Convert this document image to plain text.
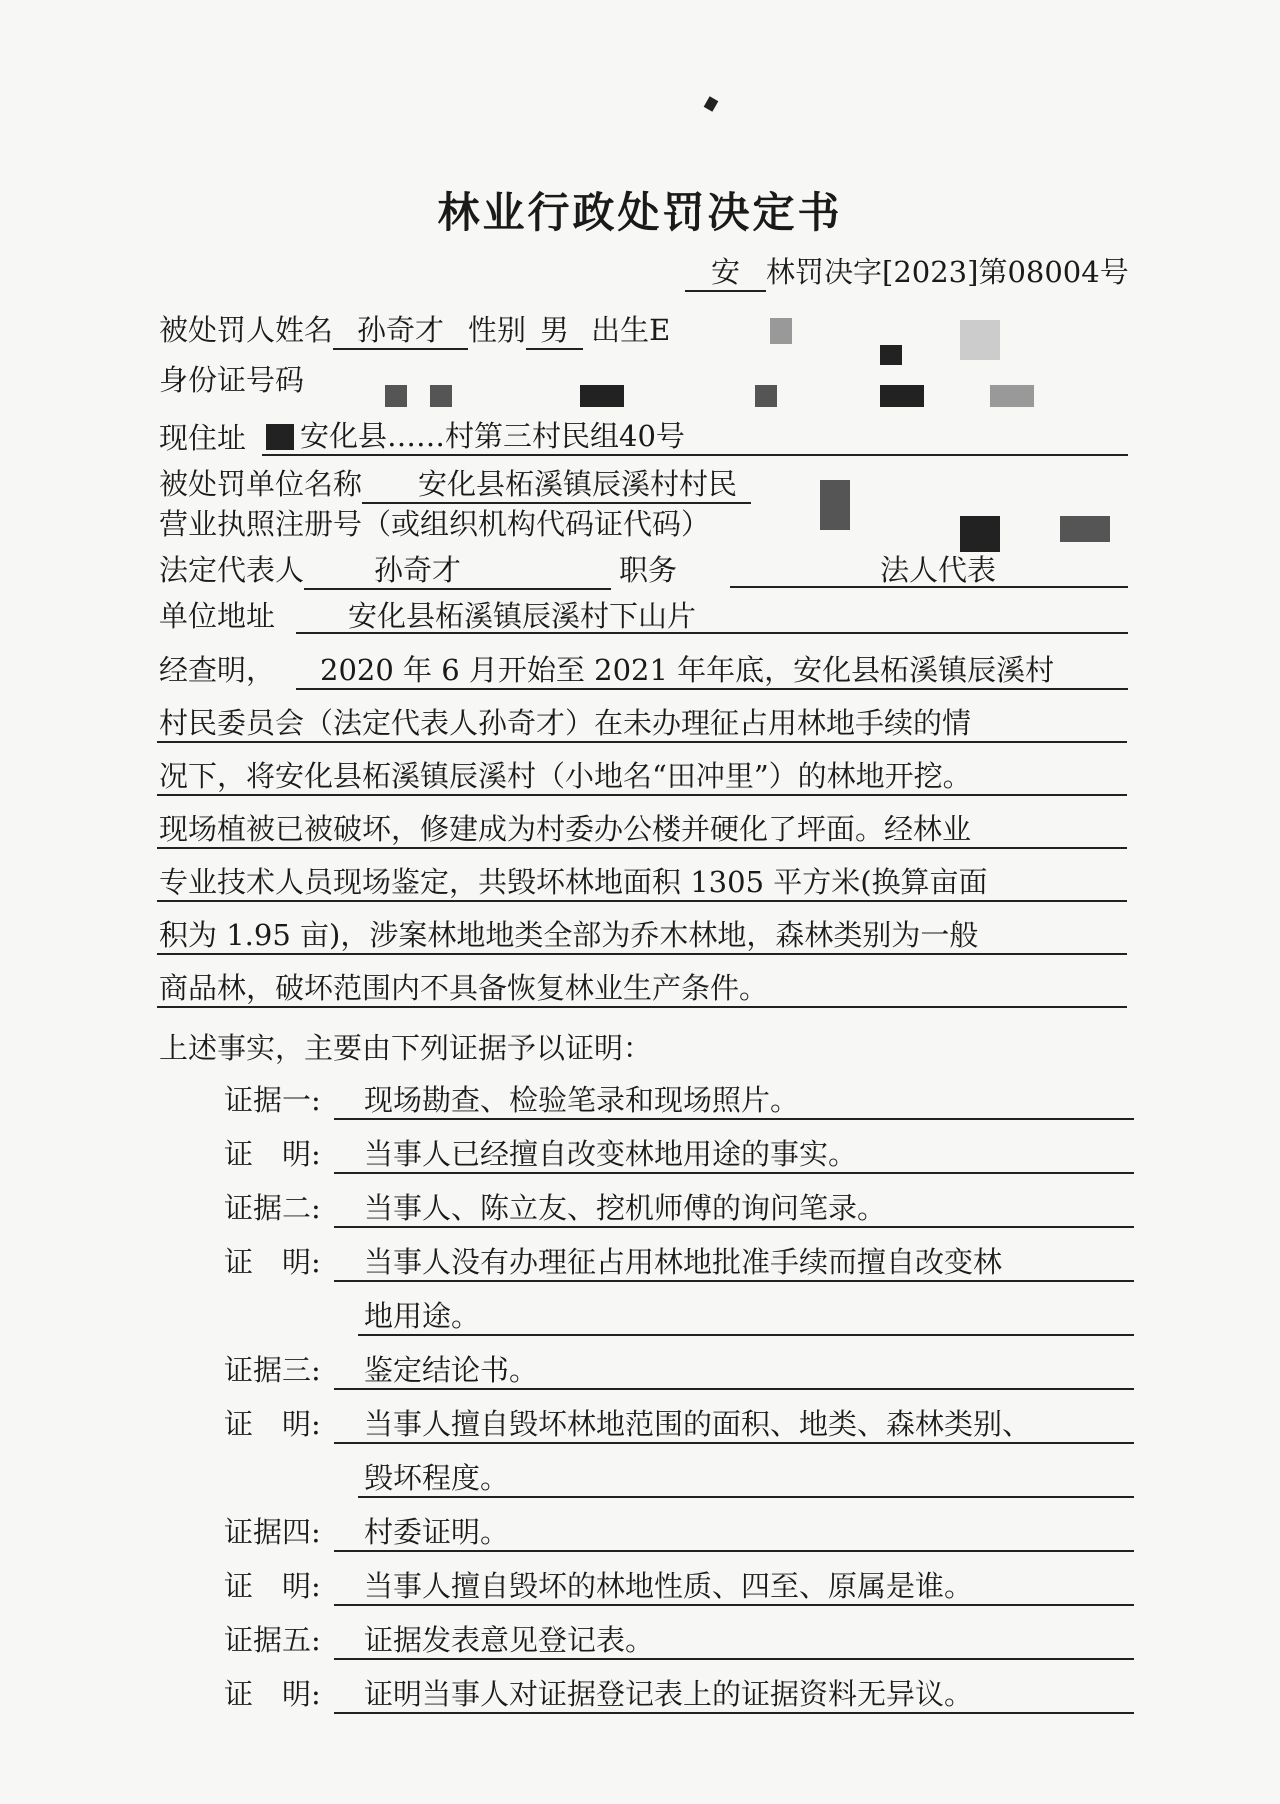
林业行政处罚决定书
安 林罚决字[2023]第08004号
被处罚人姓名 孙奇才 性别 男 出生E
身份证号码
现住址 安化县……村第三村民组40号
被处罚单位名称 安化县柘溪镇辰溪村村民
营业执照注册号（或组织机构代码证代码）
法定代表人 孙奇才	职务	法人代表
单位地址	安化县柘溪镇辰溪村下山片
经查明， 2020 年 6 月开始至 2021 年年底，安化县柘溪镇辰溪村
村民委员会（法定代表人孙奇才）在未办理征占用林地手续的情
况下，将安化县柘溪镇辰溪村（小地名“田冲里”）的林地开挖。
现场植被已被破坏，修建成为村委办公楼并硬化了坪面。经林业
专业技术人员现场鉴定，共毁坏林地面积 1305 平方米(换算亩面
积为 1.95 亩)，涉案林地地类全部为乔木林地，森林类别为一般
商品林，破坏范围内不具备恢复林业生产条件。
上述事实，主要由下列证据予以证明：
证据一: 现场勘查、检验笔录和现场照片。
证　明: 当事人已经擅自改变林地用途的事实。
证据二: 当事人、陈立友、挖机师傅的询问笔录。
证　明: 当事人没有办理征占用林地批准手续而擅自改变林
地用途。
证据三: 鉴定结论书。
证　明: 当事人擅自毁坏林地范围的面积、地类、森林类别、
毁坏程度。
证据四: 村委证明。
证　明: 当事人擅自毁坏的林地性质、四至、原属是谁。
证据五: 证据发表意见登记表。
证　明: 证明当事人对证据登记表上的证据资料无异议。
